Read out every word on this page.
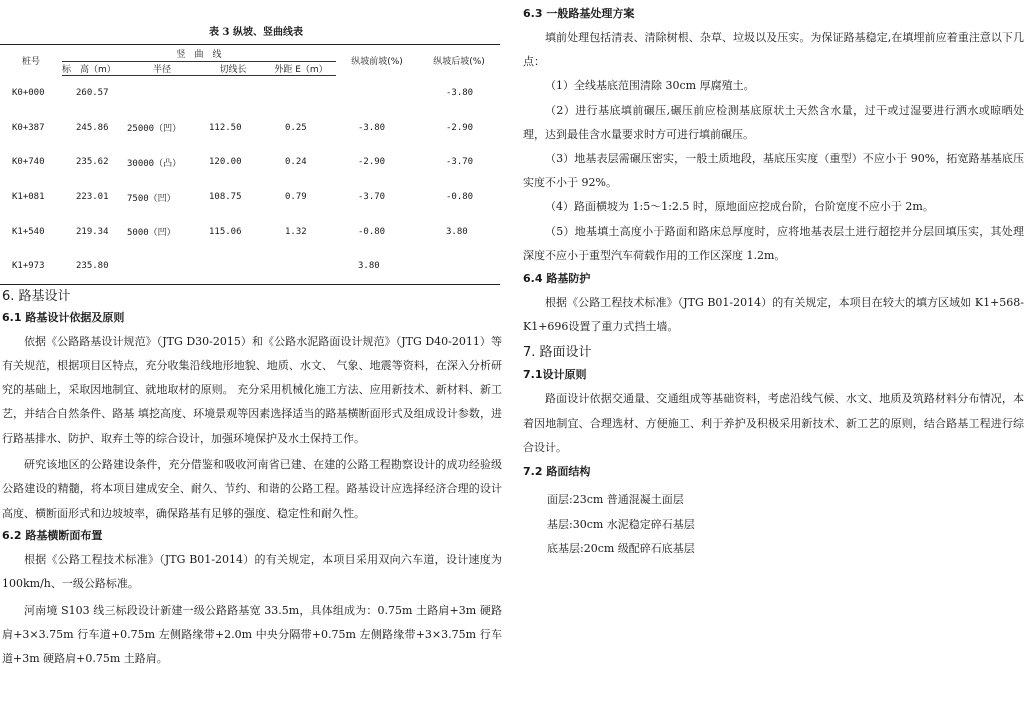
表 3 纵坡、竖曲线表
桩号	竖　曲　线				纵坡前坡(%)	纵坡后坡(%)
	标　高（m）	半径	切线长	外距 E（m）		
K0+000	260.57					-3.80
K0+387	245.86	25000（凹）	112.50	0.25	-3.80	-2.90
K0+740	235.62	30000（凸）	120.00	0.24	-2.90	-3.70
K1+081	223.01	7500（凹）	108.75	0.79	-3.70	-0.80
K1+540	219.34	5000（凹）	115.06	1.32	-0.80	3.80
K1+973	235.80				3.80	
6. 路基设计
6.1 路基设计依据及原则

依据《公路路基设计规范》（JTG D30-2015）和《公路水泥路面设计规范》（JTG D40-2011）等有关规范，根据项目区特点，充分收集沿线地形地貌、地质、水文、 气象、地震等资料，在深入分析研究的基础上，采取因地制宜、就地取材的原则。 充分采用机械化施工方法、应用新技术、新材料、新工艺，并结合自然条件、路基 填挖高度、环境景观等因素选择适当的路基横断面形式及组成设计参数，进行路基排水、防护、取弃土等的综合设计，加强环境保护及水土保持工作。

研究该地区的公路建设条件，充分借鉴和吸收河南省已建、在建的公路工程勘察设计的成功经验级公路建设的精髓，将本项目建成安全、耐久、节约、和谐的公路工程。路基设计应选择经济合理的设计高度、横断面形式和边坡坡率，确保路基有足够的强度、稳定性和耐久性。

6.2 路基横断面布置

根据《公路工程技术标准》（JTG B01-2014）的有关规定，本项目采用双向六车道，设计速度为 100km/h、一级公路标准。

河南境 S103 线三标段设计新建一级公路路基宽 33.5m，具体组成为：0.75m 土路肩+3m 硬路肩+3×3.75m 行车道+0.75m 左侧路缘带+2.0m 中央分隔带+0.75m 左侧路缘带+3×3.75m 行车道+3m 硬路肩+0.75m 土路肩。

6.3 一般路基处理方案

填前处理包括清表、清除树根、杂草、垃圾以及压实。为保证路基稳定,在填埋前应着重注意以下几点：

（1）全线基底范围清除 30cm 厚腐殖土。

（2）进行基底填前碾压,碾压前应检测基底原状土天然含水量，过干或过湿要进行洒水或晾晒处理，达到最佳含水量要求时方可进行填前碾压。

（3）地基表层需碾压密实，一般土质地段，基底压实度（重型）不应小于 90%，拓宽路基基底压实度不小于 92%。

（4）路面横坡为 1:5～1:2.5 时，原地面应挖成台阶，台阶宽度不应小于 2m。

（5）地基填土高度小于路面和路床总厚度时，应将地基表层土进行超挖并分层回填压实，其处理深度不应小于重型汽车荷载作用的工作区深度 1.2m。

6.4 路基防护

根据《公路工程技术标准》（JTG B01-2014）的有关规定，本项目在较大的填方区域如 K1+568-K1+696设置了重力式挡土墙。

7. 路面设计
7.1设计原则

路面设计依据交通量、交通组成等基础资料，考虑沿线气候、水文、地质及筑路材料分布情况，本着因地制宜、合理选材、方便施工、利于养护及积极采用新技术、新工艺的原则，结合路基工程进行综合设计。

7.2 路面结构
面层:23cm 普通混凝土面层
基层:30cm 水泥稳定碎石基层
底基层:20cm 级配碎石底基层
